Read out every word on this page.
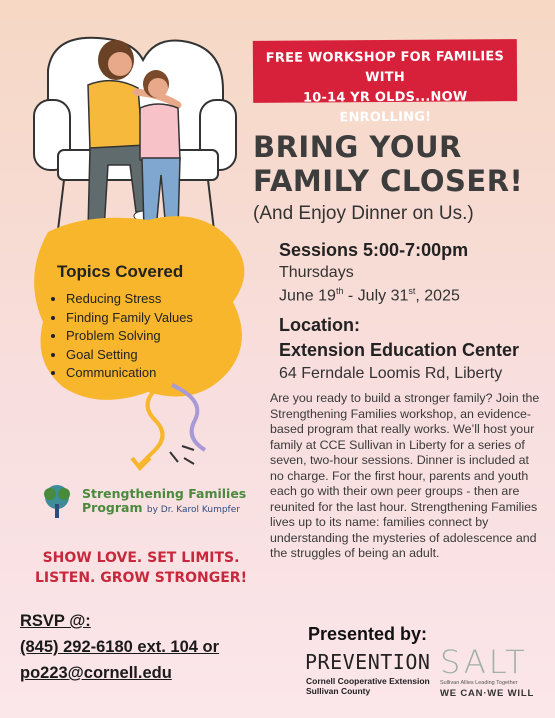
FREE WORKSHOP FOR FAMILIES WITH
10-14 YR OLDS...NOW ENROLLING!
BRING YOUR
FAMILY CLOSER!
(And Enjoy Dinner on Us.)
Sessions 5:00-7:00pm
Thursdays
June 19th - July 31st, 2025
Location:
Extension Education Center
64 Ferndale Loomis Rd, Liberty
Are you ready to build a stronger family? Join the Strengthening Families workshop, an evidence-based program that really works. We’ll host your family at CCE Sullivan in Liberty for a series of seven, two-hour sessions. Dinner is included at no charge. For the first hour, parents and youth each go with their own peer groups - then are reunited for the last hour. Strengthening Families lives up to its name: families connect by understanding the mysteries of adolescence and the struggles of being an adult.
Topics Covered
• Reducing Stress
• Finding Family Values
• Problem Solving
• Goal Setting
• Communication
Strengthening Families
Program by Dr. Karol Kumpfer
SHOW LOVE. SET LIMITS.
LISTEN. GROW STRONGER!
RSVP @:
(845) 292-6180 ext. 104 or
po223@cornell.edu
Presented by:
PREVENTION
Cornell Cooperative Extension
Sullivan County
SALT
Sullivan Allies Leading Together
WE CAN·WE WILL
